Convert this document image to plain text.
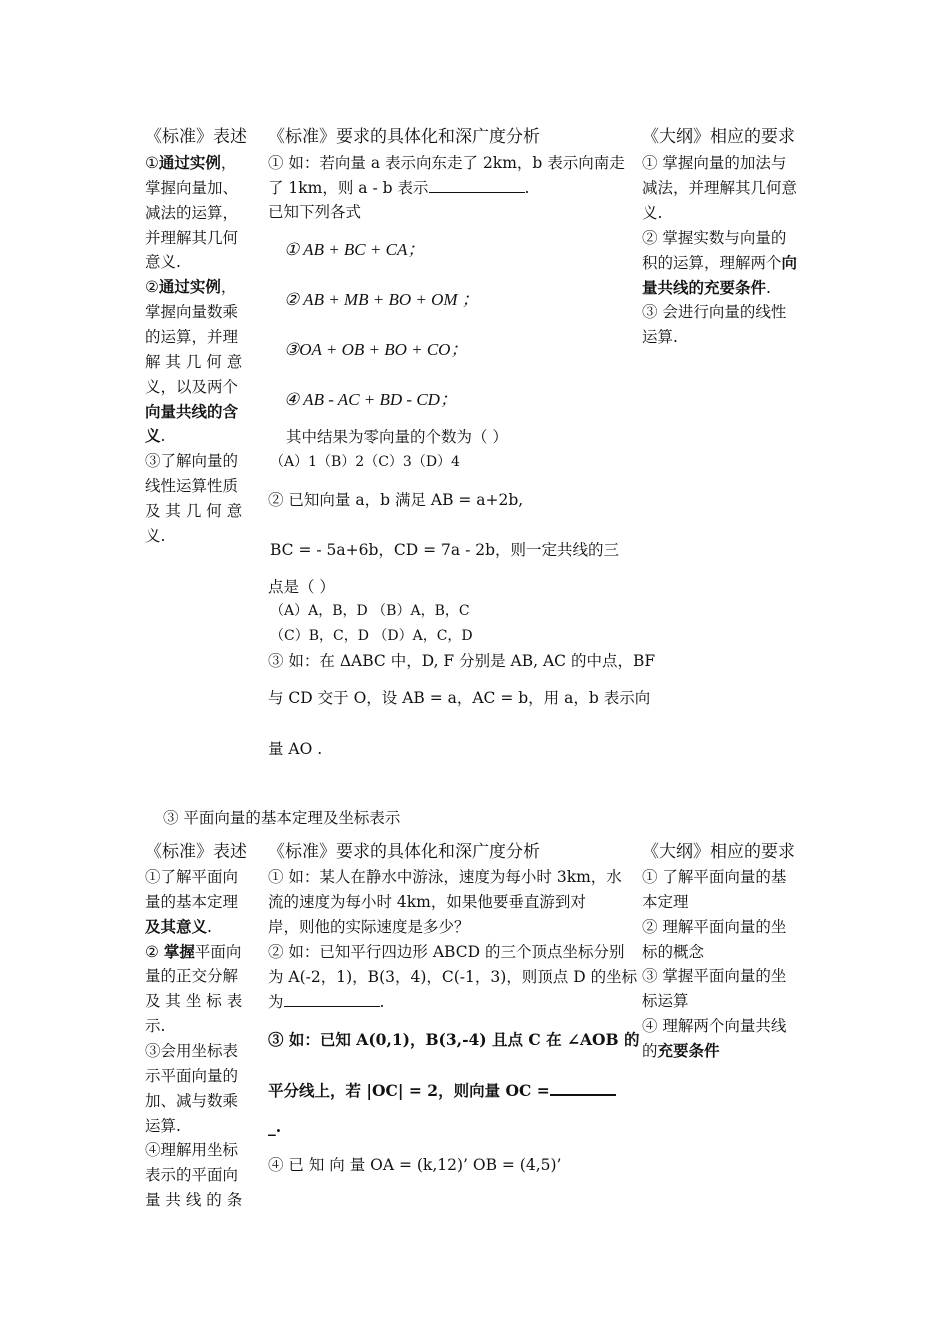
《标准》表述
①通过实例，
掌握向量加、
减法的运算，
并理解其几何
意义.
②通过实例，
掌握向量数乘
的运算，并理
解 其 几 何 意
义，以及两个
向量共线的含
义.
③了解向量的
线性运算性质
及 其 几 何 意
义.
《标准》要求的具体化和深广度分析
① 如：若向量 a 表示向东走了 2km，b 表示向南走
了 1km，则 a - b 表示	.
已知下列各式
① AB + BC + CA；
② AB + MB + BO + OM ；
③OA + OB + BO + CO；
④ AB - AC + BD - CD；
其中结果为零向量的个数为（ ）
（A）1（B）2（C）3（D）4
② 已知向量 a，b 满足 AB = a+2b,
BC = - 5a+6b，CD = 7a - 2b，则一定共线的三
点是（ ）
（A）A，B，D （B）A，B，C
（C）B，C，D （D）A，C，D
③ 如：在 ΔABC 中，D, F 分别是 AB, AC 的中点，BF
与 CD 交于 O，设 AB = a，AC = b，用 a，b 表示向
量 AO .
《大纲》相应的要求
① 掌握向量的加法与
减法，并理解其几何意
义.
② 掌握实数与向量的
积的运算，理解两个向
量共线的充要条件.
③ 会进行向量的线性
运算.
③ 平面向量的基本定理及坐标表示
《标准》表述
①了解平面向
量的基本定理
及其意义.
② 掌握平面向
量的正交分解
及 其 坐 标 表
示.
③会用坐标表
示平面向量的
加、减与数乘
运算.
④理解用坐标
表示的平面向
量 共 线 的 条
《标准》要求的具体化和深广度分析
① 如：某人在静水中游泳，速度为每小时 3km，水
流的速度为每小时 4km，如果他要垂直游到对
岸，则他的实际速度是多少？
② 如：已知平行四边形 ABCD 的三个顶点坐标分别
为 A(-2，1)，B(3，4)，C(-1，3)，则顶点 D 的坐标
为	.
③ 如：已知 A(0,1)，B(3,-4) 且点 C 在 ∠AOB 的
平分线上，若 |OC| = 2，则向量 OC =
_.
④ 已 知 向 量 OA = (k,12)’ OB = (4,5)’
《大纲》相应的要求
① 了解平面向量的基
本定理
② 理解平面向量的坐
标的概念
③ 掌握平面向量的坐
标运算
④ 理解两个向量共线
的充要条件
